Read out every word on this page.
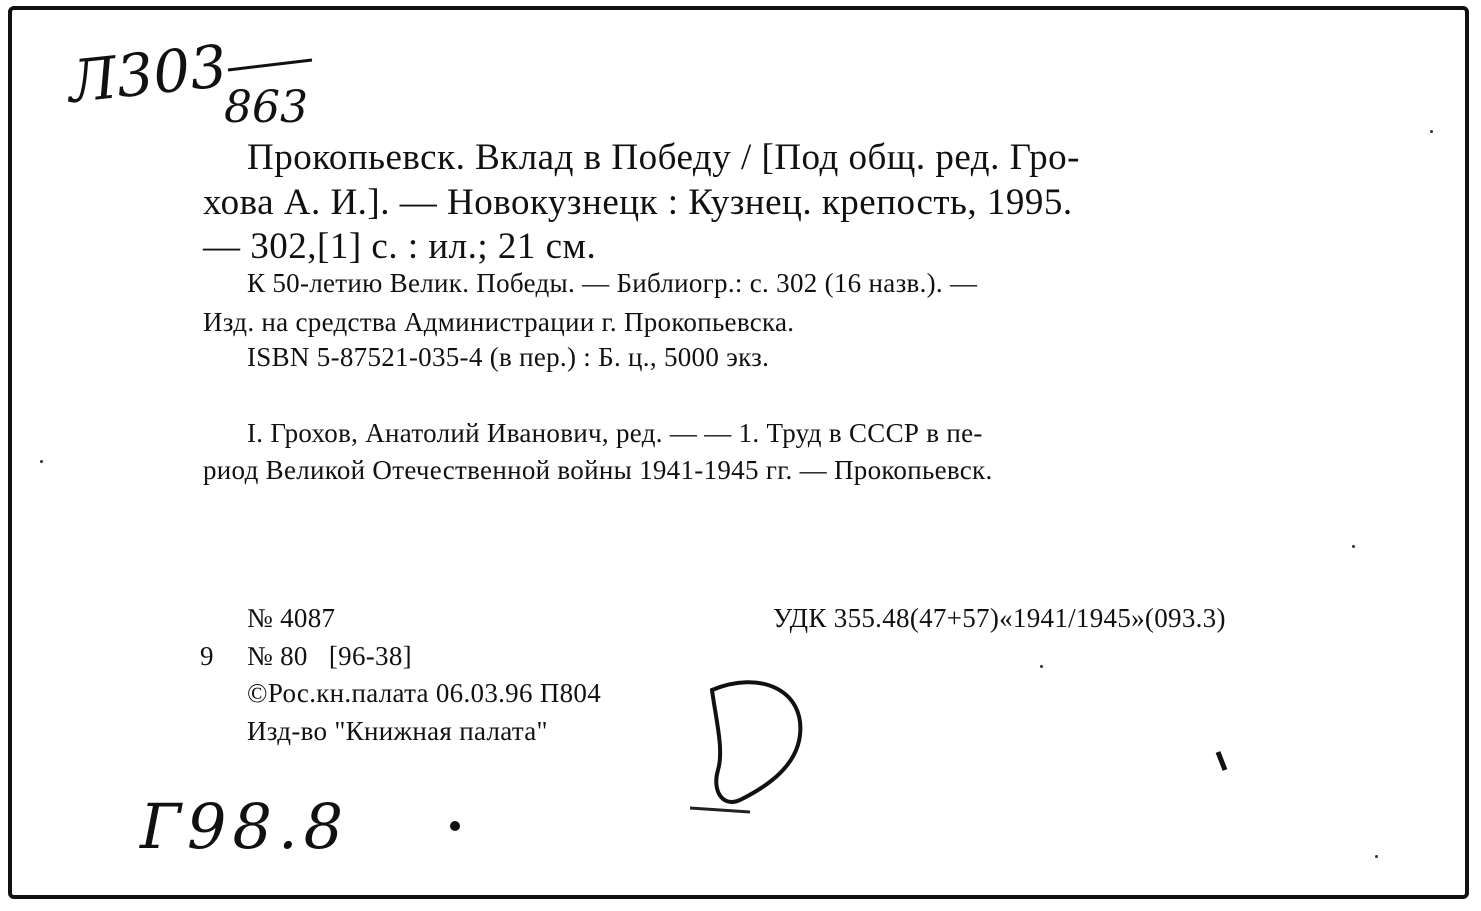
Л303
863
Г98.8
Прокопьевск. Вклад в Победу / [Под общ. ред. Гро-
хова А. И.]. — Новокузнецк : Кузнец. крепость, 1995.
— 302,[1] с. : ил.; 21 см.
К 50-летию Велик. Победы. — Библиогр.: с. 302 (16 назв.). —
Изд. на средства Администрации г. Прокопьевска.
ISBN 5-87521-035-4 (в пер.) : Б. ц., 5000 экз.
I. Грохов, Анатолий Иванович, ред. — — 1. Труд в СССР в пе-
риод Великой Отечественной войны 1941-1945 гг. — Прокопьевск.
№ 4087
9 № 80   [96-38]
©Рос.кн.палата 06.03.96 П804
Изд-во "Книжная палата"
УДК 355.48(47+57)«1941/1945»(093.3)
